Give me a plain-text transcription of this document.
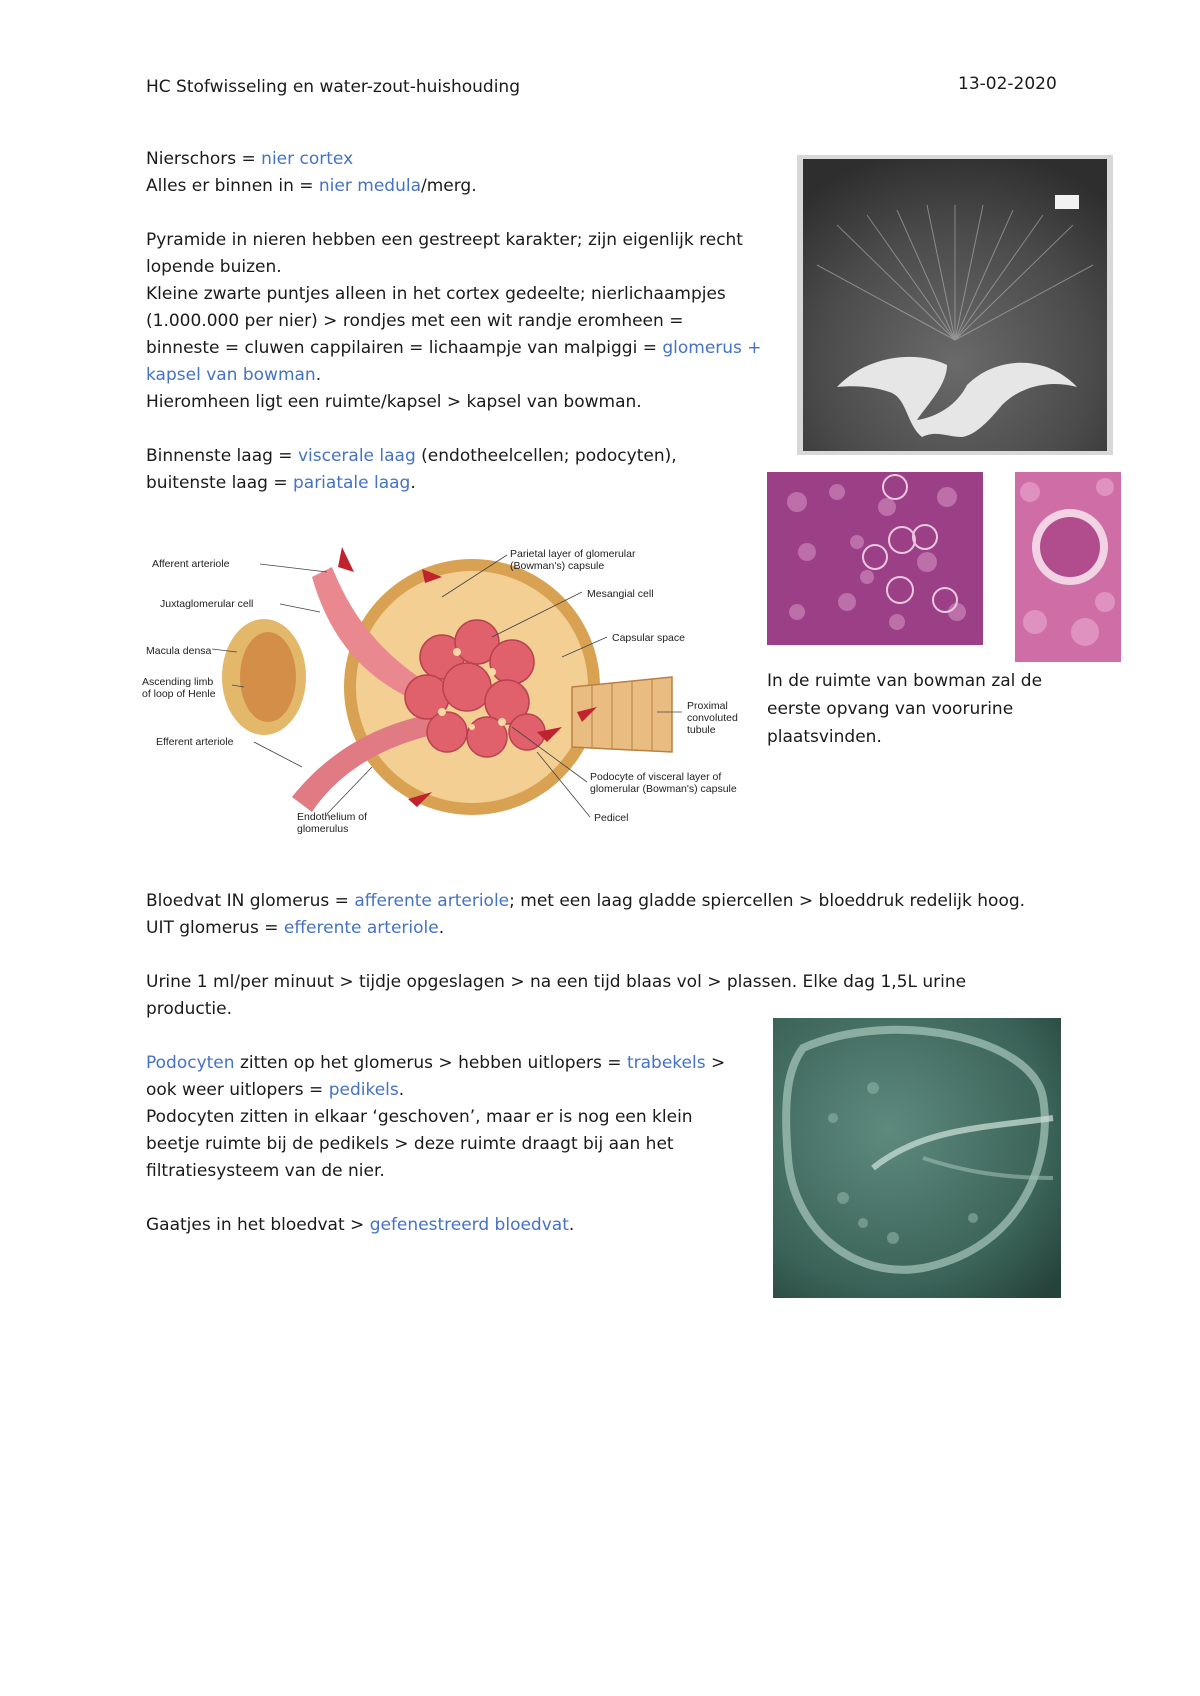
HC Stofwisseling en water-zout-huishouding	13-02-2020

Nierschors = nier cortex

Alles er binnen in = nier medula/merg.

Pyramide in nieren hebben een gestreept karakter; zijn eigenlijk recht

lopende buizen.

Kleine zwarte puntjes alleen in het cortex gedeelte; nierlichaampjes

(1.000.000 per nier) > rondjes met een wit randje eromheen =

binneste = cluwen cappilairen = lichaampje van malpiggi = glomerus +

kapsel van bowman.

Hieromheen ligt een ruimte/kapsel > kapsel van bowman.

Binnenste laag = viscerale laag (endotheelcellen; podocyten),

buitenste laag = pariatale laag.

In de ruimte van bowman zal de
eerste opvang van voorurine
plaatsvinden.
Afferent arteriole
Juxtaglomerular cell
Macula densa
Ascending limb
of loop of Henle
Efferent arteriole
Endothelium of
glomerulus
Parietal layer of glomerular
(Bowman's) capsule
Mesangial cell
Capsular space
Proximal
convoluted
tubule
Podocyte of visceral layer of
glomerular (Bowman's) capsule
Pedicel

Bloedvat IN glomerus = afferente arteriole; met een laag gladde spiercellen > bloeddruk redelijk hoog.

UIT glomerus = efferente arteriole.

Urine 1 ml/per minuut > tijdje opgeslagen > na een tijd blaas vol > plassen. Elke dag 1,5L urine

productie.

Podocyten zitten op het glomerus > hebben uitlopers = trabekels >

ook weer uitlopers = pedikels.

Podocyten zitten in elkaar ‘geschoven’, maar er is nog een klein

beetje ruimte bij de pedikels > deze ruimte draagt bij aan het

filtratiesysteem van de nier.

Gaatjes in het bloedvat > gefenestreerd bloedvat.
